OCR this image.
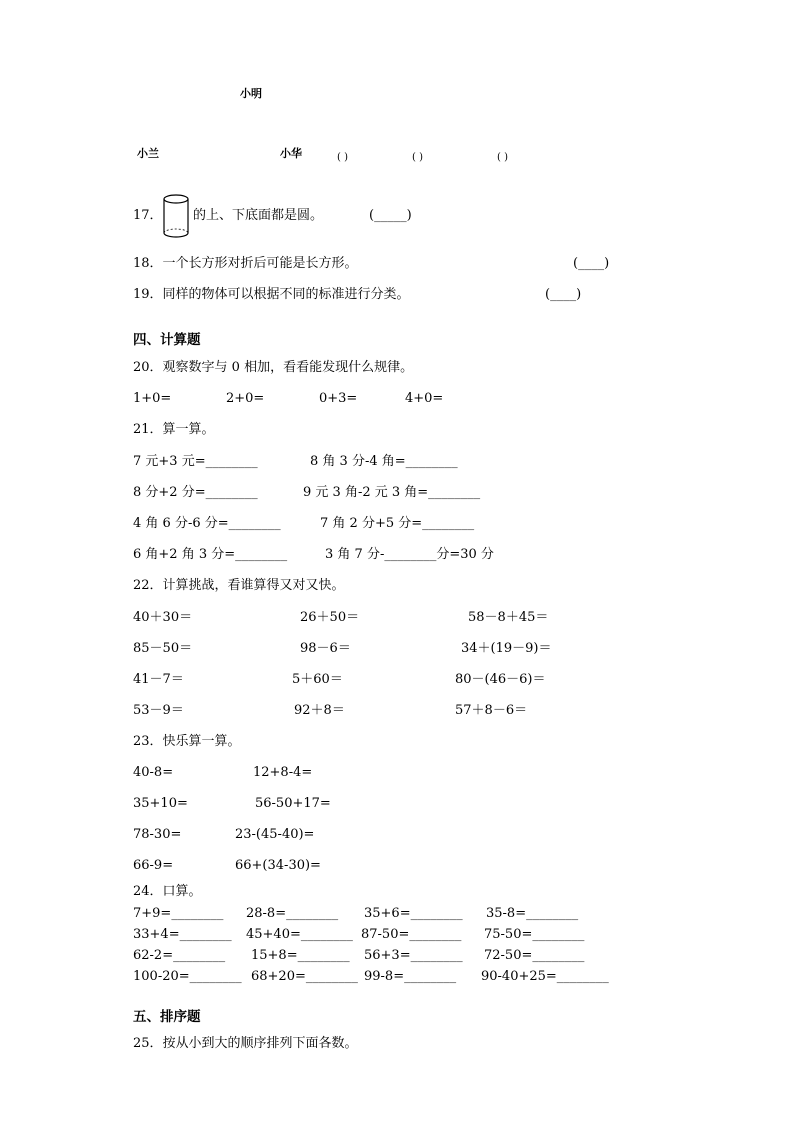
小明
小兰	小华	( )	( )	( )
17． 的上、下底面都是圆。	(_____)
18．一个长方形对折后可能是长方形。	(____)
19．同样的物体可以根据不同的标准进行分类。	(____)
四、计算题
20．观察数字与 0 相加，看看能发现什么规律。
1+0=	2+0=	0+3=	4+0=
21．算一算。
7 元+3 元=________	8 角 3 分-4 角=________
8 分+2 分=________	9 元 3 角-2 元 3 角=________
4 角 6 分-6 分=________	7 角 2 分+5 分=________
6 角+2 角 3 分=________	3 角 7 分-________分=30 分
22．计算挑战，看谁算得又对又快。
40＋30＝	26＋50＝	58－8＋45＝
85－50＝	98－6＝	34＋(19－9)＝
41－7＝	5＋60＝	80－(46－6)＝
53－9＝	92＋8＝	57＋8－6＝
23．快乐算一算。
40-8=	12+8-4=
35+10=	56-50+17=
78-30=	23-(45-40)=
66-9=	66+(34-30)=
24．口算。
7+9=________ 28-8=________ 35+6=________ 35-8=________
33+4=________ 45+40=________ 87-50=________ 75-50=________
62-2=________ 15+8=________ 56+3=________ 72-50=________
100-20=________ 68+20=________ 99-8=________ 90-40+25=________
五、排序题
25．按从小到大的顺序排列下面各数。
